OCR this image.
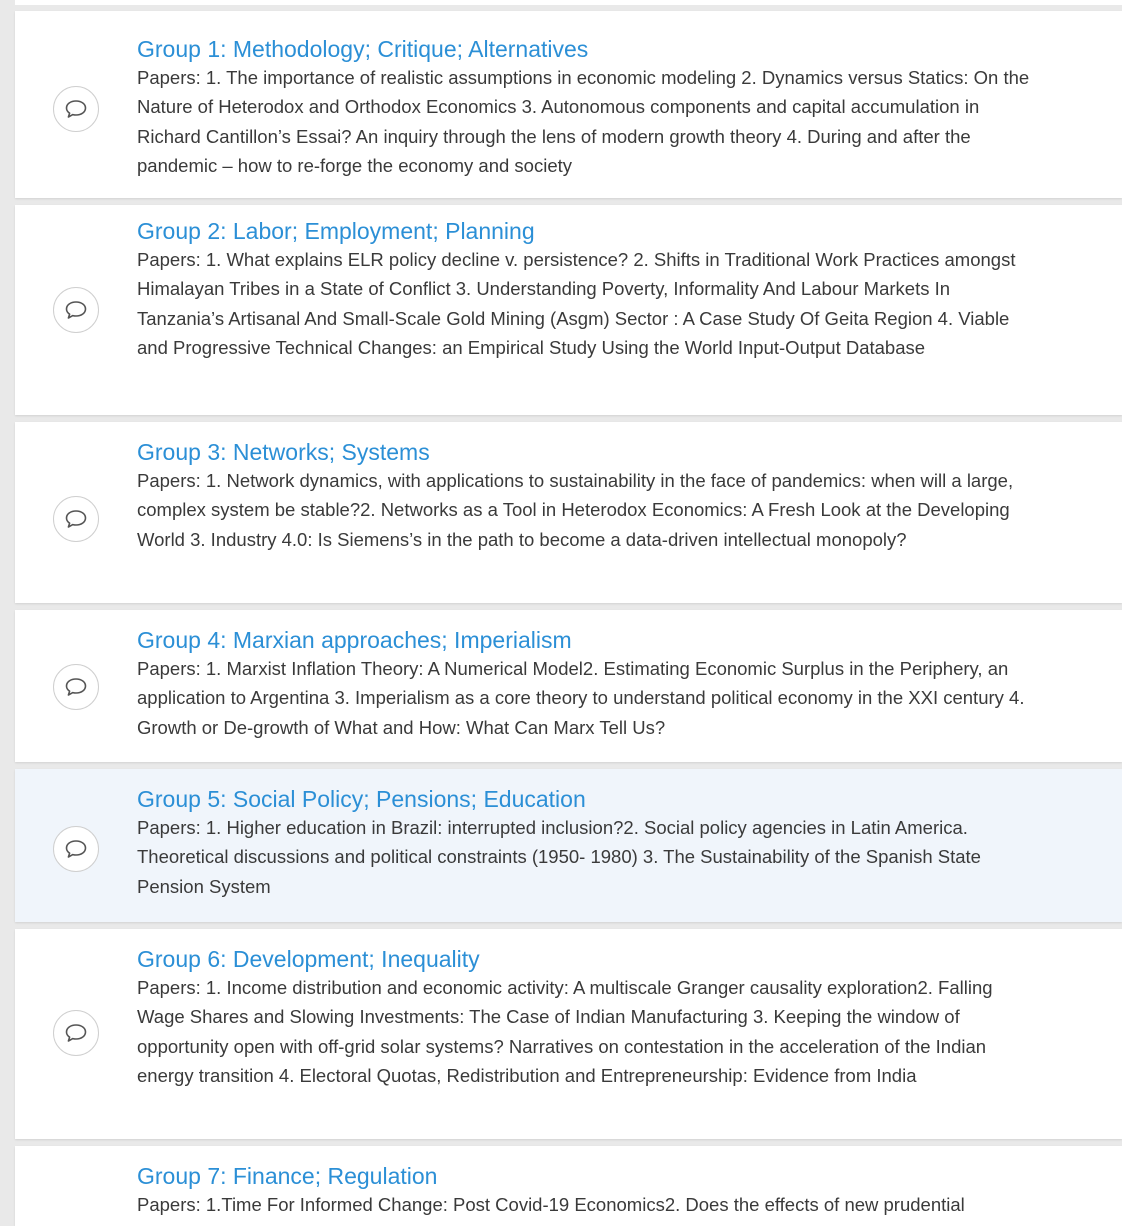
Group 1: Methodology; Critique; Alternatives

Papers: 1. The importance of realistic assumptions in economic modeling 2. Dynamics versus Statics: On the Nature of Heterodox and Orthodox Economics 3. Autonomous components and capital accumulation in Richard Cantillon’s Essai? An inquiry through the lens of modern growth theory 4. During and after the pandemic – how to re-forge the economy and society

Group 2: Labor; Employment; Planning

Papers: 1. What explains ELR policy decline v. persistence? 2. Shifts in Traditional Work Practices amongst Himalayan Tribes in a State of Conflict 3. Understanding Poverty, Informality And Labour Markets In Tanzania’s Artisanal And Small-Scale Gold Mining (Asgm) Sector : A Case Study Of Geita Region 4. Viable and Progressive Technical Changes: an Empirical Study Using the World Input-Output Database

Group 3: Networks; Systems

Papers: 1. Network dynamics, with applications to sustainability in the face of pandemics: when will a large, complex system be stable?2. Networks as a Tool in Heterodox Economics: A Fresh Look at the Developing World 3. Industry 4.0: Is Siemens’s in the path to become a data-driven intellectual monopoly?

Group 4: Marxian approaches; Imperialism

Papers: 1. Marxist Inflation Theory: A Numerical Model2. Estimating Economic Surplus in the Periphery, an application to Argentina 3. Imperialism as a core theory to understand political economy in the XXI century 4. Growth or De-growth of What and How: What Can Marx Tell Us?

Group 5: Social Policy; Pensions; Education

Papers: 1. Higher education in Brazil: interrupted inclusion?2. Social policy agencies in Latin America. Theoretical discussions and political constraints (1950- 1980) 3. The Sustainability of the Spanish State Pension System

Group 6: Development; Inequality

Papers: 1. Income distribution and economic activity: A multiscale Granger causality exploration2. Falling Wage Shares and Slowing Investments: The Case of Indian Manufacturing 3. Keeping the window of opportunity open with off-grid solar systems? Narratives on contestation in the acceleration of the Indian energy transition 4. Electoral Quotas, Redistribution and Entrepreneurship: Evidence from India

Group 7: Finance; Regulation

Papers: 1.Time For Informed Change: Post Covid-19 Economics2. Does the effects of new prudential
